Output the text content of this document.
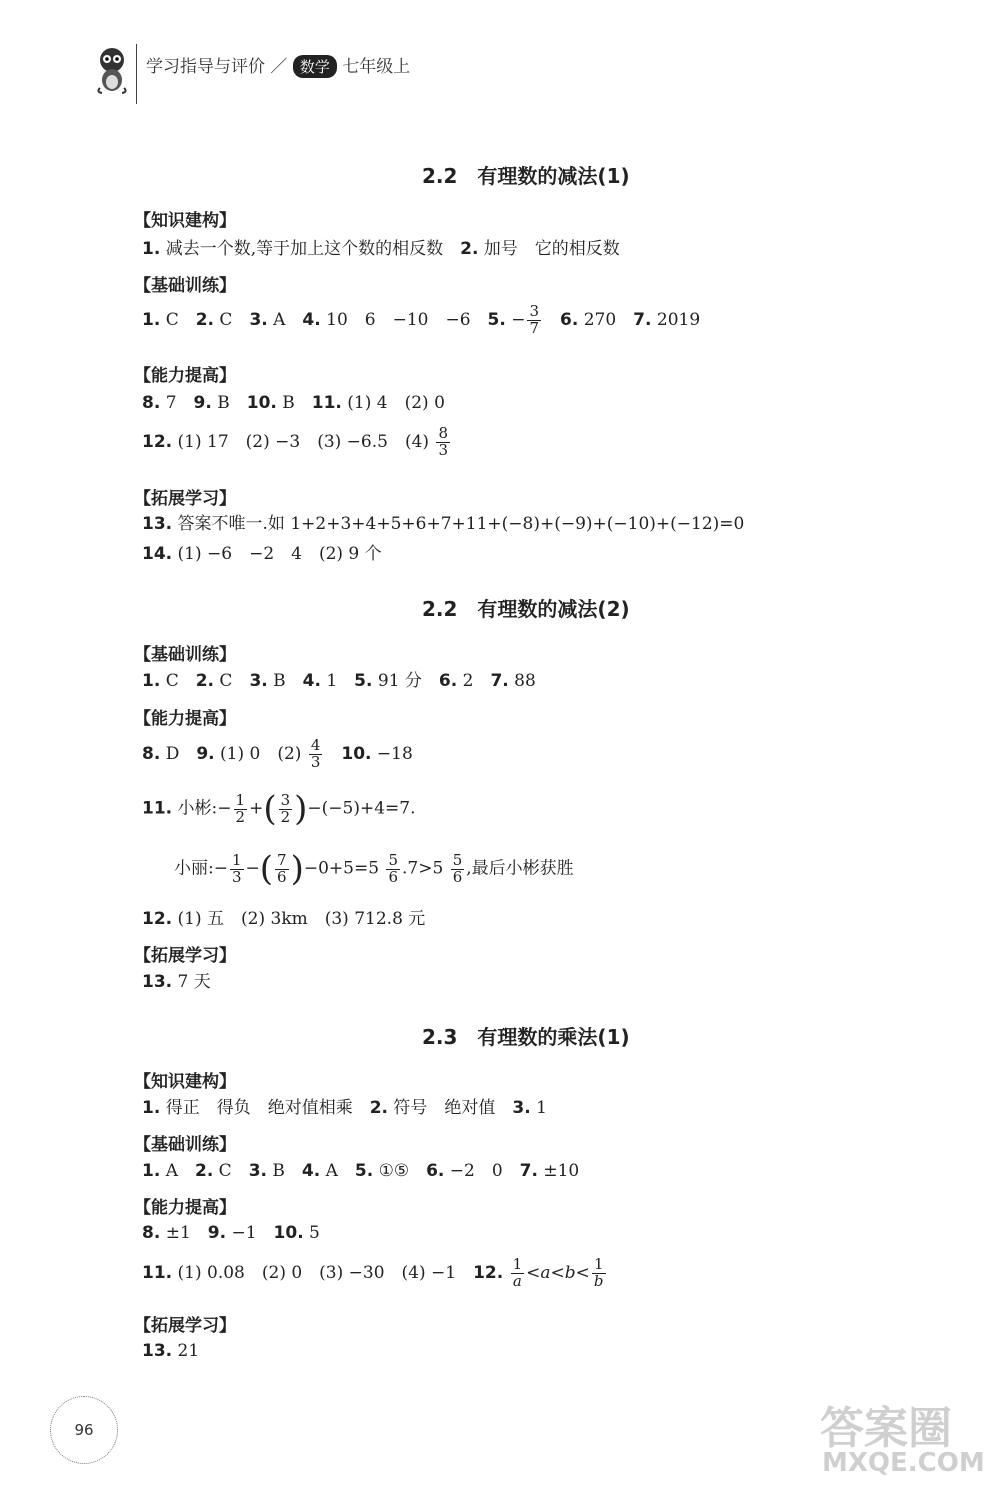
学习指导与评价 ／ 数学 七年级上
2.2　有理数的减法(1)
【知识建构】
1. 减去一个数,等于加上这个数的相反数　2. 加号　它的相反数
【基础训练】
1. C　2. C　3. A　4. 10　6　−10　−6　5. − $\frac{3}{7}$
　 6. 270　7. 2019
【能力提高】
8. 7　9. B　10. B　11. (1) 4　(2) 0
12. (1) 17　(2) −3　(3) −6.5　$(4) \frac{8}{3}$
【拓展学习】
13. 答案不唯一.如 1+2+3+4+5+6+7+11+(−8)+(−9)+(−10)+(−12)=0
14. (1) −6　−2　4　(2) 9 个
2.2　有理数的减法(2)
【基础训练】
1. C　2. C　3. B　4. 1　5. 91 分　6. 2　7. 88
【能力提高】
8. D　9. (1) 0　$(2) \frac{4}{3}$
　 10. −18
11. 小彬:− $\frac{1}{2}$ +( $\frac{3}{2} )-(-5)+4=7$.
小丽:− $\frac{1}{3}$ −( $\frac{7}{6} )-0+5=5 \frac{5}{6} .7>5 \frac{5}{6}$ ,最后小彬获胜
12. (1) 五　(2) 3km　(3) 712.8 元
【拓展学习】
13. 7 天
2.3　有理数的乘法(1)
【知识建构】
1. 得正　得负　绝对值相乘　2. 符号　绝对值　3. 1
【基础训练】
1. A　2. C　3. B　4. A　5. ①⑤　6. −2　0　7. ±10
【能力提高】
8. ±1　9. −1　10. 5
11. (1) 0.08　(2) 0　(3) −30　(4) −1　12. $\frac{1}{a} <a<b< \frac{1}{b}$
【拓展学习】
13. 21
96	答案圈
MXQE.COM
